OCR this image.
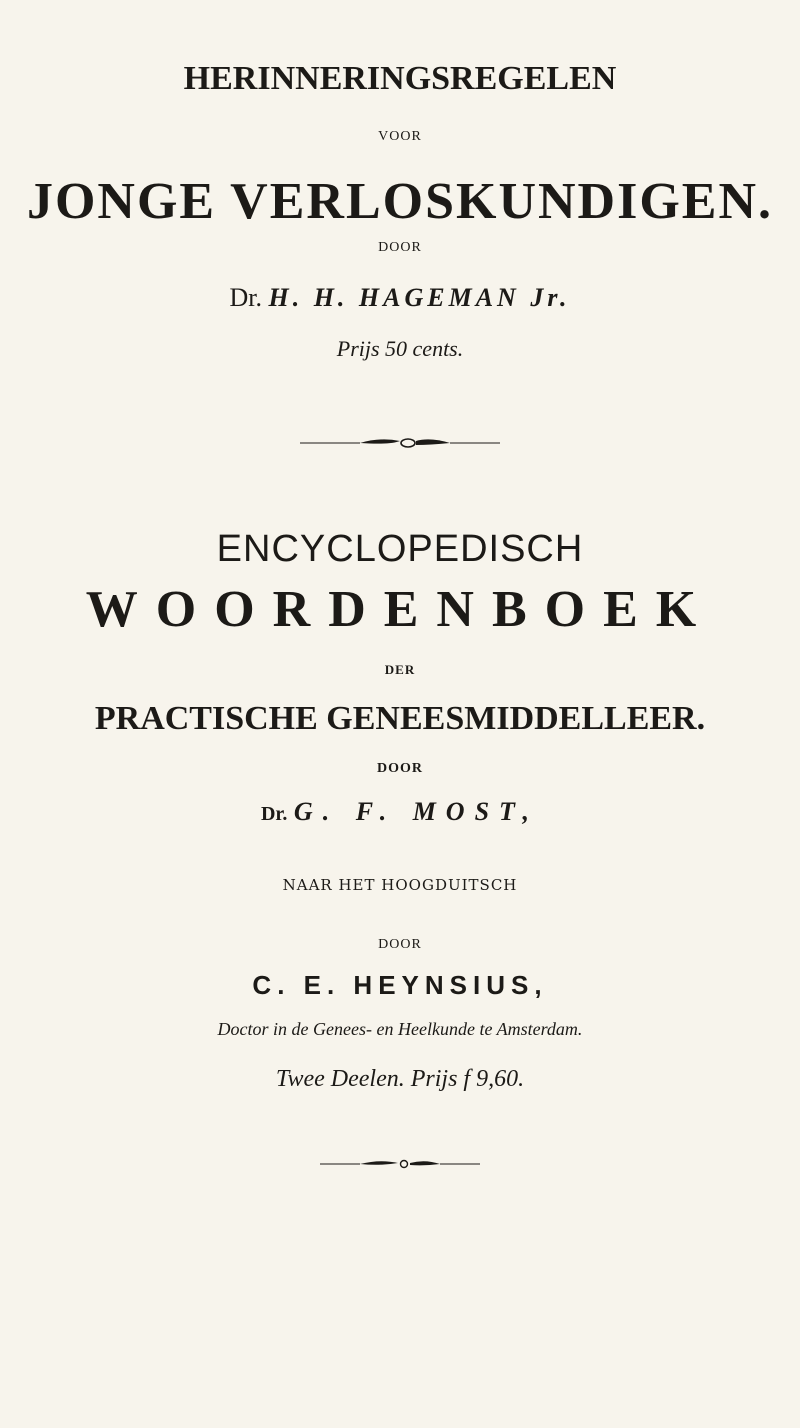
HERINNERINGSREGELEN
VOOR
JONGE VERLOSKUNDIGEN.
DOOR
Dr. H. H. HAGEMAN Jr.
Prijs 50 cents.
ENCYCLOPEDISCH
WOORDENBOEK
DER
PRACTISCHE GENEESMIDDELLEER.
DOOR
Dr. G. F. MOST,
NAAR HET HOOGDUITSCH
DOOR
C. E. HEYNSIUS,
Doctor in de Genees- en Heelkunde te Amsterdam.
Twee Deelen. Prijs f 9,60.
